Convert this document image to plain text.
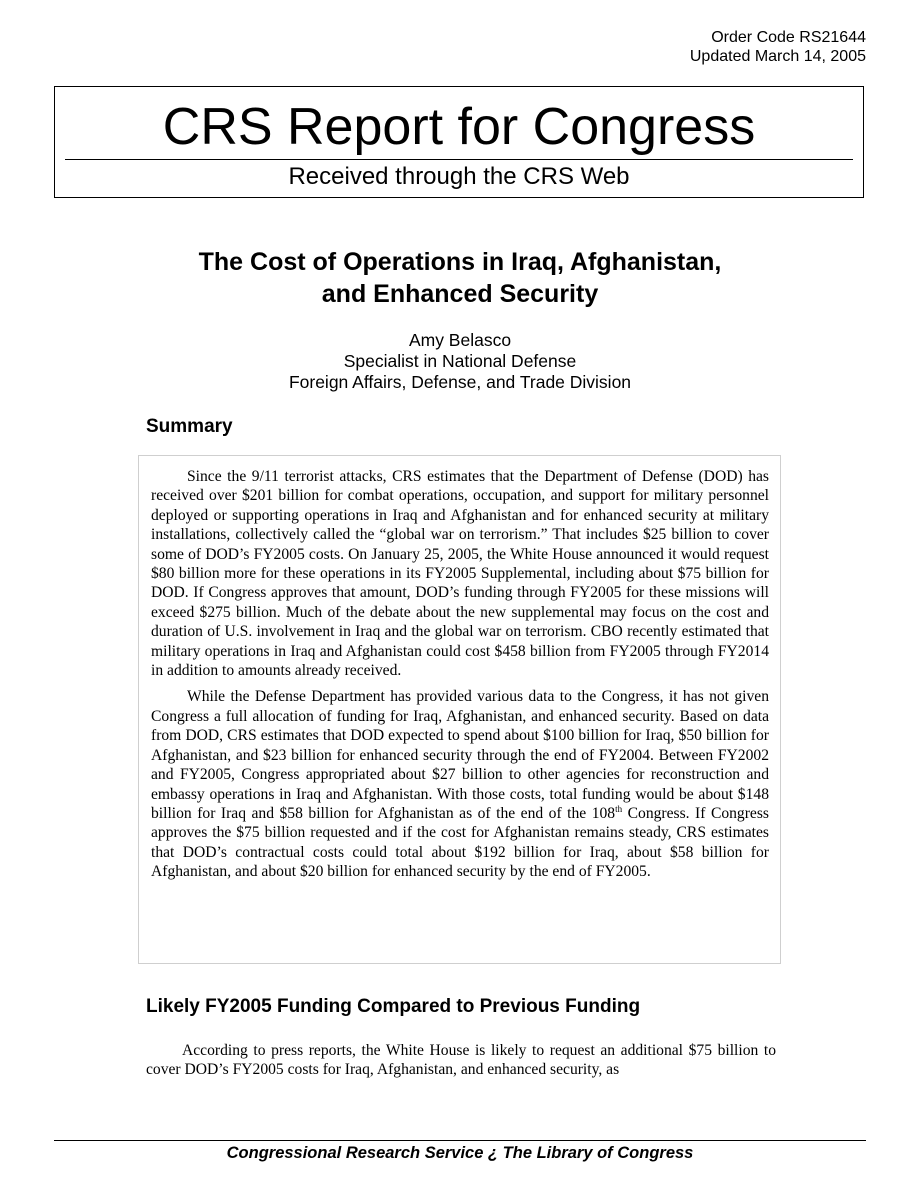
Order Code RS21644
Updated March 14, 2005
CRS Report for Congress
Received through the CRS Web
The Cost of Operations in Iraq, Afghanistan,
and Enhanced Security
Amy Belasco
Specialist in National Defense
Foreign Affairs, Defense, and Trade Division
Summary

Since the 9/11 terrorist attacks, CRS estimates that the Department of Defense (DOD) has received over $201 billion for combat operations, occupation, and support for military personnel deployed or supporting operations in Iraq and Afghanistan and for enhanced security at military installations, collectively called the “global war on terrorism.” That includes $25 billion to cover some of DOD’s FY2005 costs. On January 25, 2005, the White House announced it would request $80 billion more for these operations in its FY2005 Supplemental, including about $75 billion for DOD. If Congress approves that amount, DOD’s funding through FY2005 for these missions will exceed $275 billion. Much of the debate about the new supplemental may focus on the cost and duration of U.S. involvement in Iraq and the global war on terrorism. CBO recently estimated that military operations in Iraq and Afghanistan could cost $458 billion from FY2005 through FY2014 in addition to amounts already received.

While the Defense Department has provided various data to the Congress, it has not given Congress a full allocation of funding for Iraq, Afghanistan, and enhanced security. Based on data from DOD, CRS estimates that DOD expected to spend about $100 billion for Iraq, $50 billion for Afghanistan, and $23 billion for enhanced security through the end of FY2004. Between FY2002 and FY2005, Congress appropriated about $27 billion to other agencies for reconstruction and embassy operations in Iraq and Afghanistan. With those costs, total funding would be about $148 billion for Iraq and $58 billion for Afghanistan as of the end of the 108th Congress. If Congress approves the $75 billion requested and if the cost for Afghanistan remains steady, CRS estimates that DOD’s contractual costs could total about $192 billion for Iraq, about $58 billion for Afghanistan, and about $20 billion for enhanced security by the end of FY2005.

Likely FY2005 Funding Compared to Previous Funding

According to press reports, the White House is likely to request an additional $75 billion to cover DOD’s FY2005 costs for Iraq, Afghanistan, and enhanced security, as

Congressional Research Service ¿ The Library of Congress
